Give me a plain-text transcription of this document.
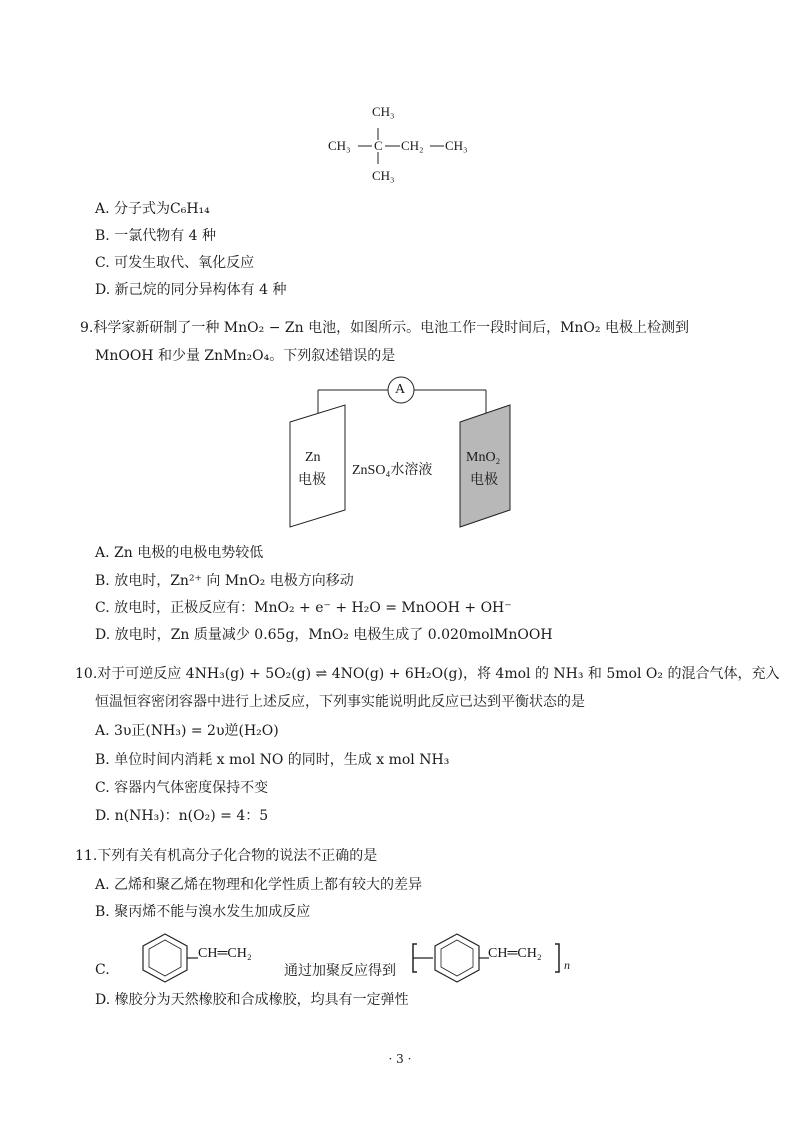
CH₃
CH₃ C CH₂ CH₃
CH₃
A. 分子式为C₆H₁₄
B. 一氯代物有 4 种
C. 可发生取代、氧化反应
D. 新己烷的同分异构体有 4 种
9.科学家新研制了一种 MnO₂ − Zn 电池，如图所示。电池工作一段时间后，MnO₂ 电极上检测到
MnOOH 和少量 ZnMn₂O₄。下列叙述错误的是
A
Zn
电极
ZnSO₄水溶液
MnO₂
电极
A. Zn 电极的电极电势较低
B. 放电时，Zn²⁺ 向 MnO₂ 电极方向移动
C. 放电时，正极反应有：MnO₂ + e⁻ + H₂O = MnOOH + OH⁻
D. 放电时，Zn 质量减少 0.65g，MnO₂ 电极生成了 0.020molMnOOH
10.对于可逆反应 4NH₃(g) + 5O₂(g) ⇌ 4NO(g) + 6H₂O(g)，将 4mol 的 NH₃ 和 5mol O₂ 的混合气体，充入
恒温恒容密闭容器中进行上述反应，下列事实能说明此反应已达到平衡状态的是
A. 3υ正(NH₃) = 2υ逆(H₂O)
B. 单位时间内消耗 x mol NO 的同时，生成 x mol NH₃
C. 容器内气体密度保持不变
D. n(NH₃)：n(O₂) = 4：5
11.下列有关有机高分子化合物的说法不正确的是
A. 乙烯和聚乙烯在物理和化学性质上都有较大的差异
B. 聚丙烯不能与溴水发生加成反应
C.
CH═CH₂
通过加聚反应得到
CH═CH₂
n
D. 橡胶分为天然橡胶和合成橡胶，均具有一定弹性
· 3 ·
